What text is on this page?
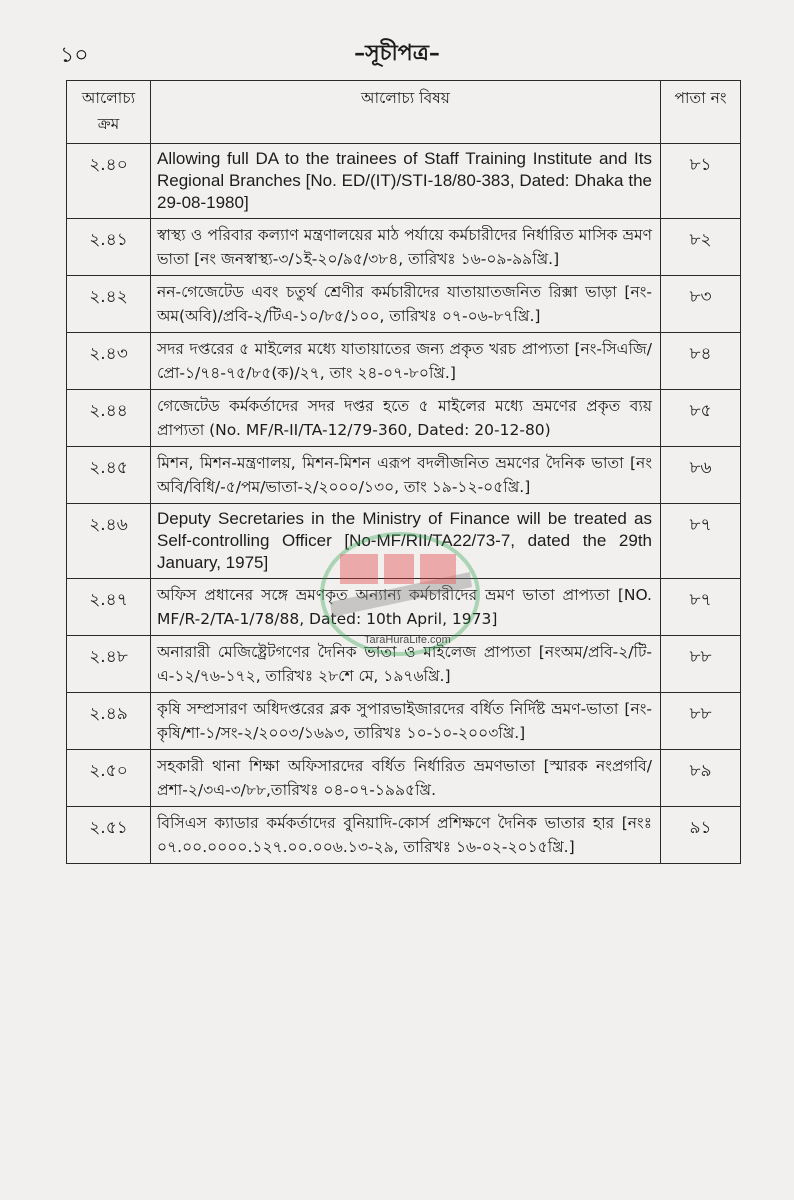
১০	–সূচীপত্র–
আলোচ্য ক্রম	আলোচ্য বিষয়	পাতা নং
২.৪০	Allowing full DA to the trainees of Staff Training Institute and Its Regional Branches [No. ED/(IT)/STI-18/80-383, Dated: Dhaka the 29-08-1980]	৮১
২.৪১	স্বাস্থ্য ও পরিবার কল্যাণ মন্ত্রণালয়ের মাঠ পর্যায়ে কর্মচারীদের নির্ধারিত মাসিক ভ্রমণ ভাতা [নং জনস্বাস্থ্য-৩/১ই-২০/৯৫/৩৮৪, তারিখঃ ১৬-০৯-৯৯খ্রি.]	৮২
২.৪২	নন-গেজেটেড এবং চতুর্থ শ্রেণীর কর্মচারীদের যাতায়াতজনিত রিক্সা ভাড়া [নং-অম(অবি)/প্রবি-২/টিএ-১০/৮৫/১০০, তারিখঃ ০৭-০৬-৮৭খ্রি.]	৮৩
২.৪৩	সদর দপ্তরের ৫ মাইলের মধ্যে যাতায়াতের জন্য প্রকৃত খরচ প্রাপ্যতা [নং-সিএজি/প্রো-১/৭৪-৭৫/৮৫(ক)/২৭, তাং ২৪-০৭-৮০খ্রি.]	৮৪
২.৪৪	গেজেটেড কর্মকর্তাদের সদর দপ্তর হতে ৫ মাইলের মধ্যে ভ্রমণের প্রকৃত ব্যয় প্রাপ্যতা (No. MF/R-II/TA-12/79-360, Dated: 20-12-80)	৮৫
২.৪৫	মিশন, মিশন-মন্ত্রণালয়, মিশন-মিশন এরূপ বদলীজনিত ভ্রমণের দৈনিক ভাতা [নং অবি/বিধি/-৫/পম/ভাতা-২/২০০০/১৩০, তাং ১৯-১২-০৫খ্রি.]	৮৬
২.৪৬	Deputy Secretaries in the Ministry of Finance will be treated as Self-controlling Officer [No-MF/RII/TA22/73-7, dated the 29th January, 1975]	৮৭
২.৪৭	অফিস প্রধানের সঙ্গে ভ্রমণকৃত অন্যান্য কর্মচারীদের ভ্রমণ ভাতা প্রাপ্যতা [NO. MF/R-2/TA-1/78/88, Dated: 10th April, 1973]	৮৭
২.৪৮	অনারারী মেজিষ্ট্রেটগণের দৈনিক ভাতা ও মাইলেজ প্রাপ্যতা [নংঅম/প্রবি-২/টি-এ-১২/৭৬-১৭২, তারিখঃ ২৮শে মে, ১৯৭৬খ্রি.]	৮৮
২.৪৯	কৃষি সম্প্রসারণ অধিদপ্তরের ব্লক সুপারভাইজারদের বর্ধিত নির্দিষ্ট ভ্রমণ-ভাতা [নং-কৃষি/শা-১/সং-২/২০০৩/১৬৯৩, তারিখঃ ১০-১০-২০০৩খ্রি.]	৮৮
২.৫০	সহকারী থানা শিক্ষা অফিসারদের বর্ধিত নির্ধারিত ভ্রমণভাতা [স্মারক নংপ্রগবি/প্রশা-২/৩এ-৩/৮৮,তারিখঃ ০৪-০৭-১৯৯৫খ্রি.	৮৯
২.৫১	বিসিএস ক্যাডার কর্মকর্তাদের বুনিয়াদি-কোর্স প্রশিক্ষণে দৈনিক ভাতার হার [নংঃ ০৭.০০.০০০০.১২৭.০০.০০৬.১৩-২৯, তারিখঃ ১৬-০২-২০১৫খ্রি.]	৯১
TaraHuraLife.com
